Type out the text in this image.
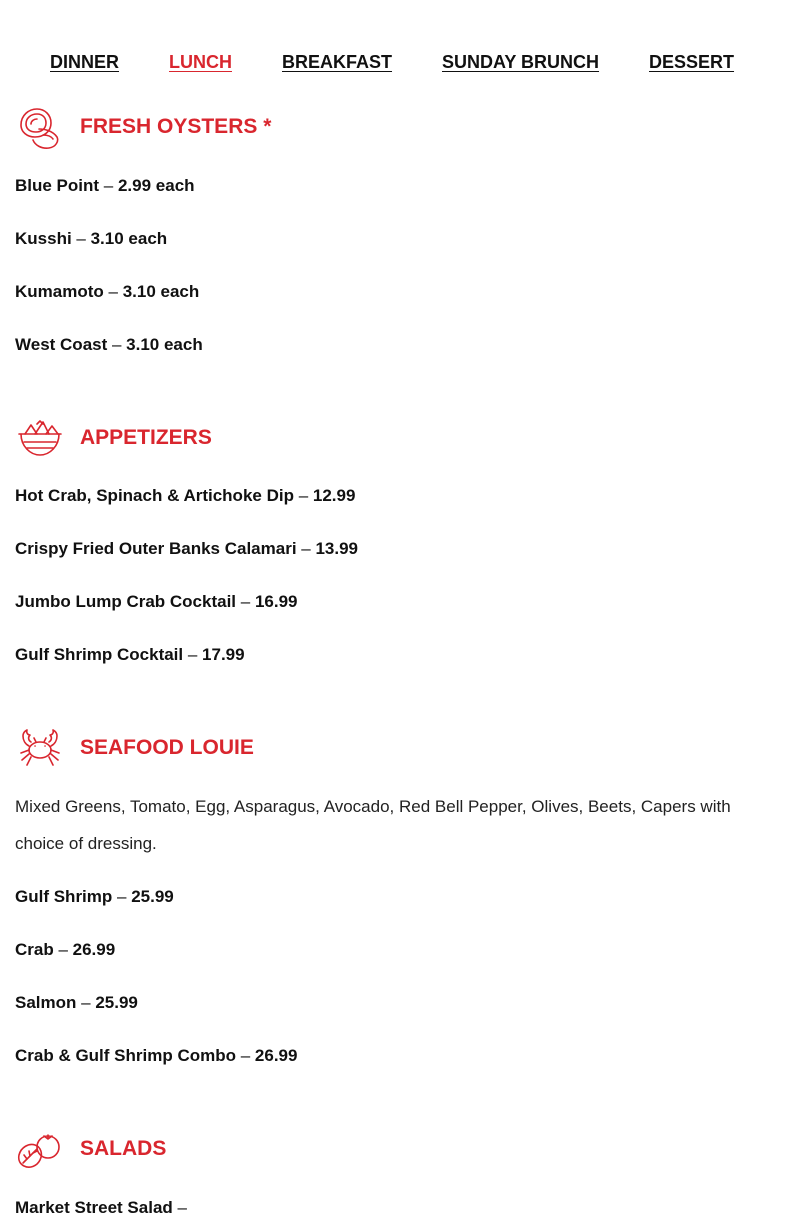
DINNER	LUNCH	BREAKFAST	SUNDAY BRUNCH	DESSERT
FRESH OYSTERS *
Blue Point – 2.99 each
Kusshi – 3.10 each
Kumamoto – 3.10 each
West Coast – 3.10 each
APPETIZERS
Hot Crab, Spinach & Artichoke Dip – 12.99
Crispy Fried Outer Banks Calamari – 13.99
Jumbo Lump Crab Cocktail – 16.99
Gulf Shrimp Cocktail – 17.99
SEAFOOD LOUIE
Mixed Greens, Tomato, Egg, Asparagus, Avocado, Red Bell Pepper, Olives, Beets, Capers with choice of dressing.
Gulf Shrimp – 25.99
Crab – 26.99
Salmon – 25.99
Crab & Gulf Shrimp Combo – 26.99
SALADS
Market Street Salad –
